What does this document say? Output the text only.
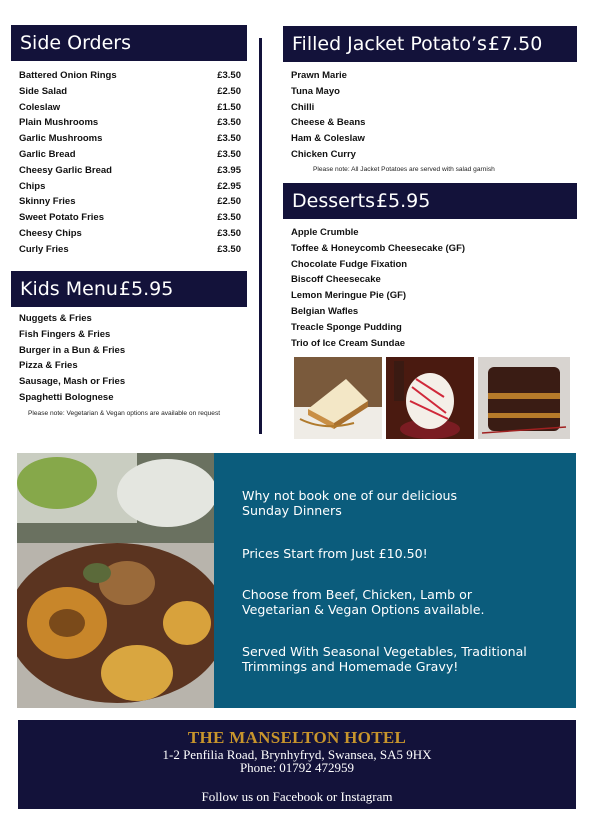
Side Orders
Battered Onion Rings	£3.50
Side Salad	£2.50
Coleslaw	£1.50
Plain Mushrooms	£3.50
Garlic Mushrooms	£3.50
Garlic Bread	£3.50
Cheesy Garlic Bread	£3.95
Chips	£2.95
Skinny Fries	£2.50
Sweet Potato Fries	£3.50
Cheesy Chips	£3.50
Curly Fries	£3.50
Kids Menu £5.95
Nuggets & Fries
Fish Fingers & Fries
Burger in a Bun & Fries
Pizza & Fries
Sausage, Mash or Fries
Spaghetti Bolognese
Please note: Vegetarian & Vegan options are available on request
Filled Jacket Potato’s £7.50
Prawn Marie
Tuna Mayo
Chilli
Cheese & Beans
Ham & Coleslaw
Chicken Curry
Please note: All Jacket Potatoes are served with salad garnish
Desserts £5.95
Apple Crumble
Toffee & Honeycomb Cheesecake (GF)
Chocolate Fudge Fixation
Biscoff Cheesecake
Lemon Meringue Pie (GF)
Belgian Wafles
Treacle Sponge Pudding
Trio of Ice Cream Sundae

Why not book one of our delicious Sunday Dinners

Prices Start from Just £10.50!

Choose from Beef, Chicken, Lamb or Vegetarian & Vegan Options available.

Served With Seasonal Vegetables, Traditional Trimmings and Homemade Gravy!

THE MANSELTON HOTEL
1-2 Penfilia Road, Brynhyfryd, Swansea, SA5 9HX
Phone: 01792 472959
Follow us on Facebook or Instagram
